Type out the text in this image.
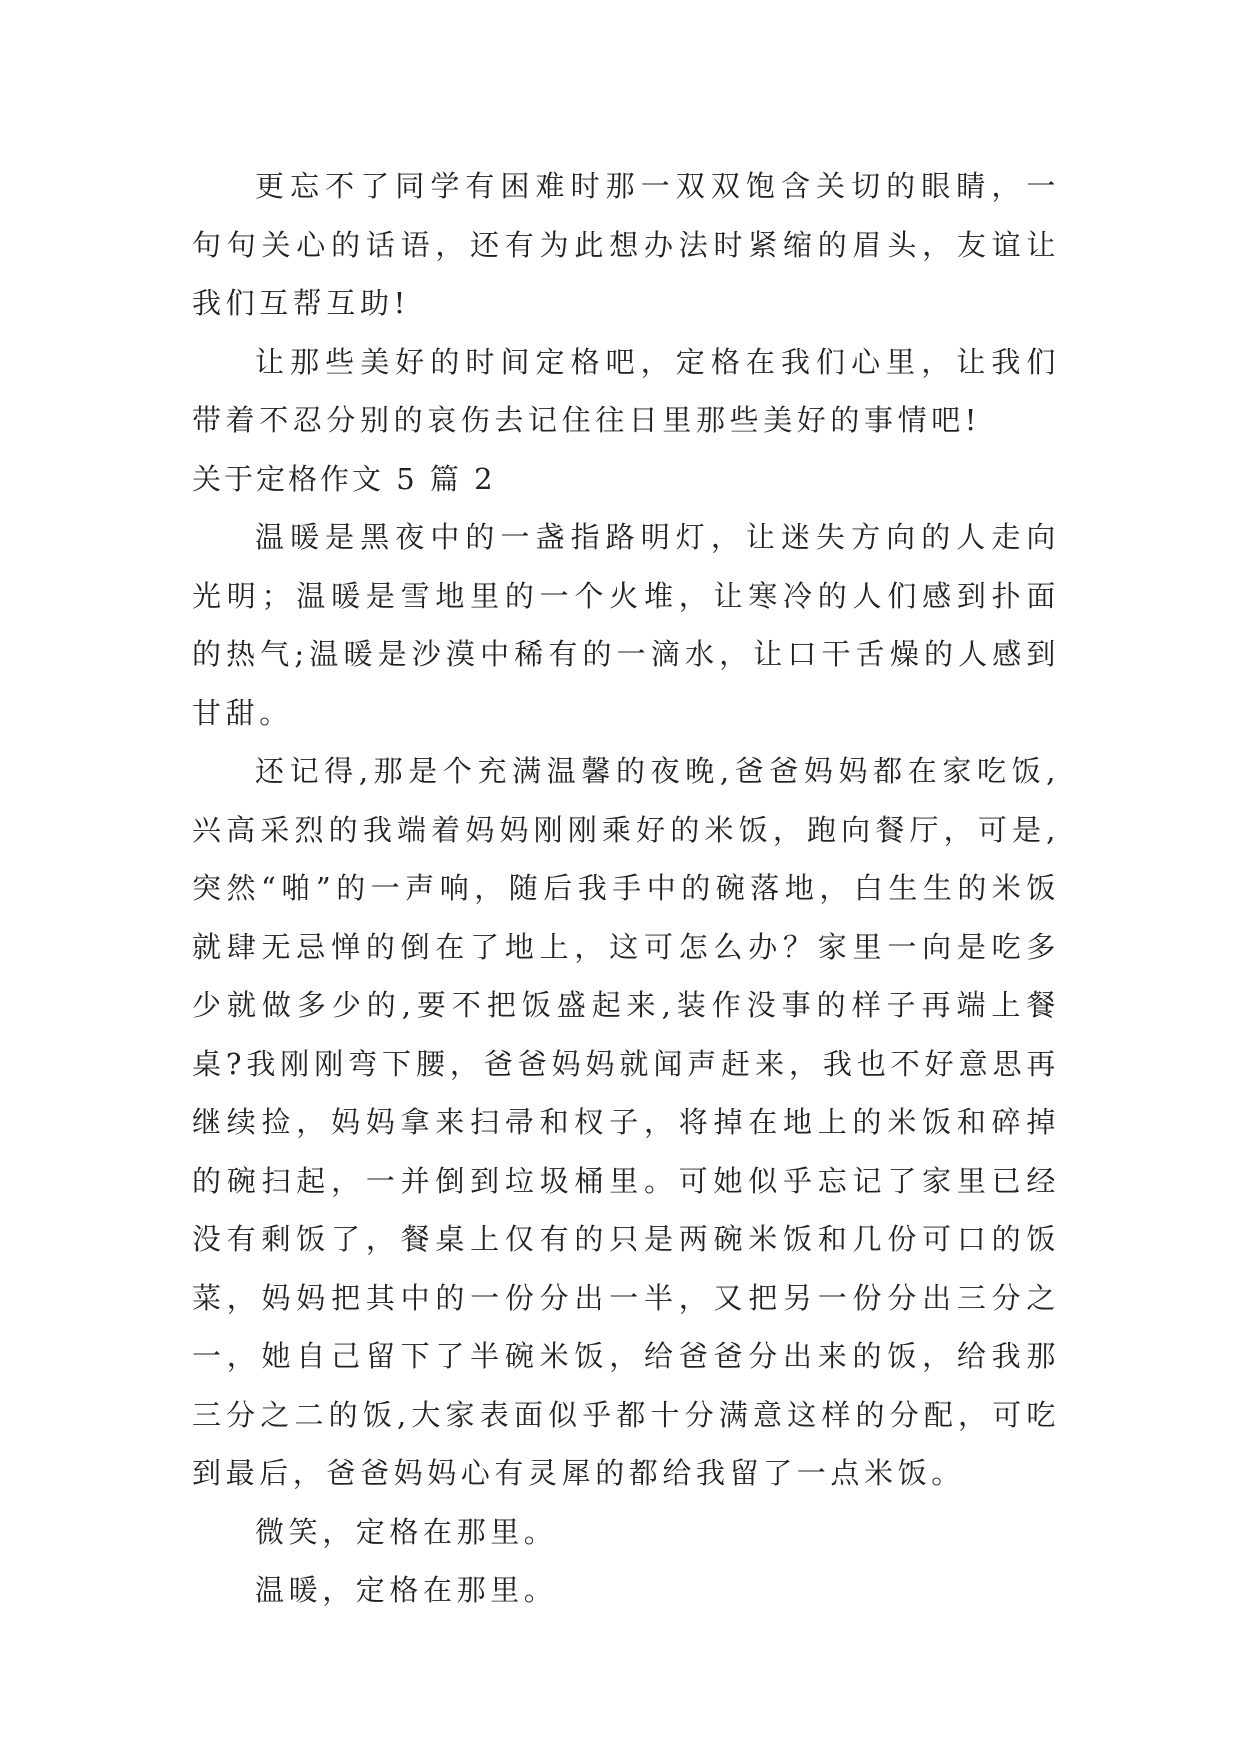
更忘不了同学有困难时那一双双饱含关切的眼睛，一句句关心的话语，还有为此想办法时紧缩的眉头，友谊让我们互帮互助!

让那些美好的时间定格吧，定格在我们心里，让我们带着不忍分别的哀伤去记住往日里那些美好的事情吧!

关于定格作文 5 篇 2

温暖是黑夜中的一盏指路明灯，让迷失方向的人走向光明；温暖是雪地里的一个火堆，让寒冷的人们感到扑面的热气;温暖是沙漠中稀有的一滴水，让口干舌燥的人感到甘甜。

还记得,那是个充满温馨的夜晚,爸爸妈妈都在家吃饭,兴高采烈的我端着妈妈刚刚乘好的米饭，跑向餐厅，可是,突然“啪”的一声响，随后我手中的碗落地，白生生的米饭就肆无忌惮的倒在了地上，这可怎么办？家里一向是吃多少就做多少的,要不把饭盛起来,装作没事的样子再端上餐桌?我刚刚弯下腰，爸爸妈妈就闻声赶来，我也不好意思再继续捡，妈妈拿来扫帚和杈子，将掉在地上的米饭和碎掉的碗扫起，一并倒到垃圾桶里。可她似乎忘记了家里已经没有剩饭了，餐桌上仅有的只是两碗米饭和几份可口的饭菜，妈妈把其中的一份分出一半，又把另一份分出三分之一，她自己留下了半碗米饭，给爸爸分出来的饭，给我那三分之二的饭,大家表面似乎都十分满意这样的分配，可吃到最后，爸爸妈妈心有灵犀的都给我留了一点米饭。

微笑，定格在那里。

温暖，定格在那里。
